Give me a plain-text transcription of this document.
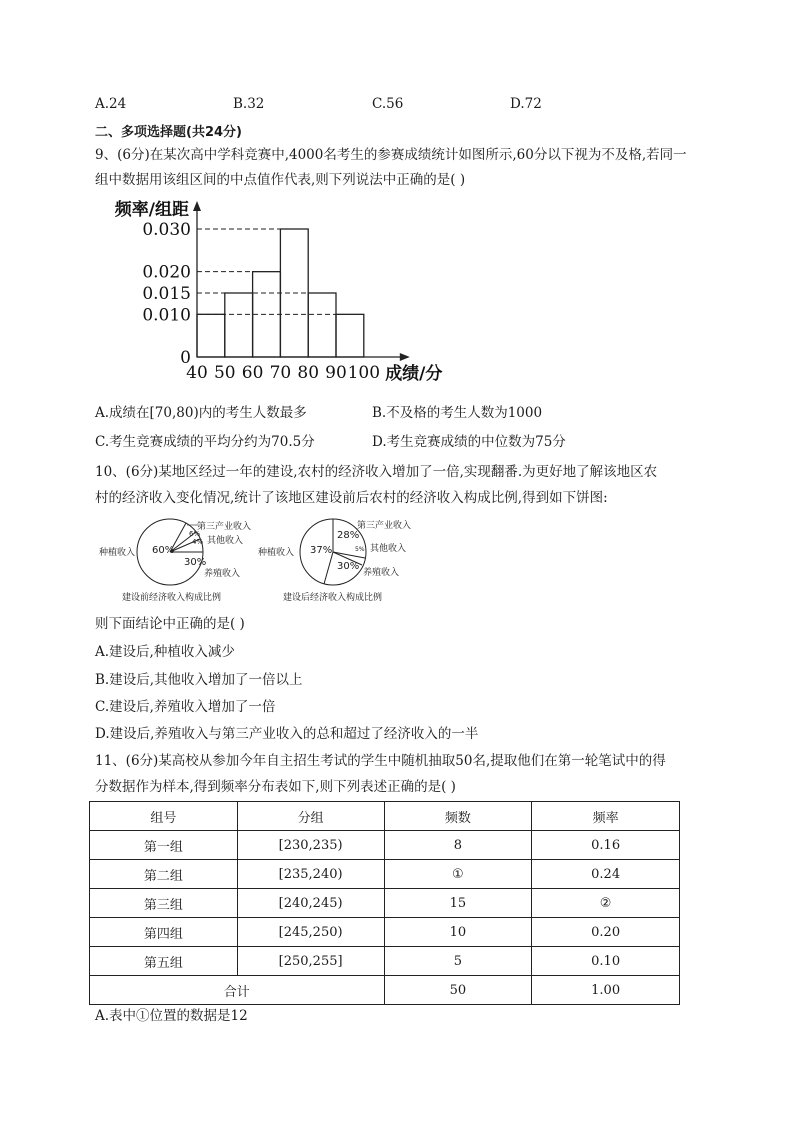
A.24	B.32	C.56	D.72
二、多项选择题(共24分)
9、(6分)在某次高中学科竞赛中,4000名考生的参赛成绩统计如图所示,60分以下视为不及格,若同一
组中数据用该组区间的中点值作代表,则下列说法中正确的是( )
40 50 60 70 80 90 100
0
0.010
0.015
0.020
0.030
频率/组距
成绩/分
A.成绩在[70,80)内的考生人数最多	B.不及格的考生人数为1000
C.考生竞赛成绩的平均分约为70.5分	D.考生竞赛成绩的中位数为75分
10、(6分)某地区经过一年的建设,农村的经济收入增加了一倍,实现翻番.为更好地了解该地区农
村的经济收入变化情况,统计了该地区建设前后农村的经济收入构成比例,得到如下饼图:
种植收入 60%
第三产业收入
6%
其他收入
4%
30%
养殖收入
建设前经济收入构成比例
种植收入 37%
第三产业收入
28%
其他收入
5%
30%
养殖收入
建设后经济收入构成比例
则下面结论中正确的是( )
A.建设后,种植收入减少
B.建设后,其他收入增加了一倍以上
C.建设后,养殖收入增加了一倍
D.建设后,养殖收入与第三产业收入的总和超过了经济收入的一半
11、(6分)某高校从参加今年自主招生考试的学生中随机抽取50名,提取他们在第一轮笔试中的得
分数据作为样本,得到频率分布表如下,则下列表述正确的是( )
组号	分组	频数	频率
第一组	[230,235)	8	0.16
第二组	[235,240)	①	0.24
第三组	[240,245)	15	②
第四组	[245,250)	10	0.20
第五组	[250,255]	5	0.10
合计		50	1.00
A.表中①位置的数据是12
